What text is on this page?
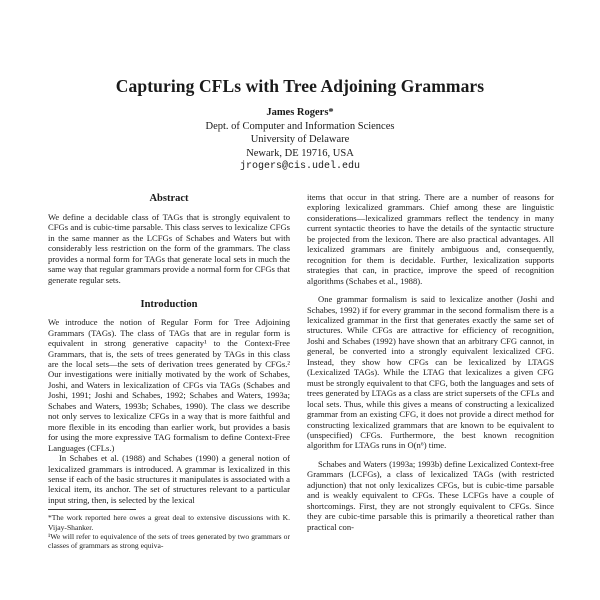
Capturing CFLs with Tree Adjoining Grammars
James Rogers*
Dept. of Computer and Information Sciences
University of Delaware
Newark, DE 19716, USA
jrogers@cis.udel.edu
Abstract

We define a decidable class of TAGs that is strongly equivalent to CFGs and is cubic-time parsable. This class serves to lexicalize CFGs in the same manner as the LCFGs of Schabes and Waters but with considerably less restriction on the form of the grammars. The class provides a normal form for TAGs that generate local sets in much the same way that regular grammars provide a normal form for CFGs that generate regular sets.

Introduction

We introduce the notion of Regular Form for Tree Adjoining Grammars (TAGs). The class of TAGs that are in regular form is equivalent in strong generative capacity¹ to the Context-Free Grammars, that is, the sets of trees generated by TAGs in this class are the local sets—the sets of derivation trees generated by CFGs.² Our investigations were initially motivated by the work of Schabes, Joshi, and Waters in lexicalization of CFGs via TAGs (Schabes and Joshi, 1991; Joshi and Schabes, 1992; Schabes and Waters, 1993a; Schabes and Waters, 1993b; Schabes, 1990). The class we describe not only serves to lexicalize CFGs in a way that is more faithful and more flexible in its encoding than earlier work, but provides a basis for using the more expressive TAG formalism to define Context-Free Languages (CFLs.)

In Schabes et al. (1988) and Schabes (1990) a general notion of lexicalized grammars is introduced. A grammar is lexicalized in this sense if each of the basic structures it manipulates is associated with a lexical item, its anchor. The set of structures relevant to a particular input string, then, is selected by the lexical

*The work reported here owes a great deal to extensive discussions with K. Vijay-Shanker.

¹We will refer to equivalence of the sets of trees generated by two grammars or classes of grammars as strong equiva-

items that occur in that string. There are a number of reasons for exploring lexicalized grammars. Chief among these are linguistic considerations—lexicalized grammars reflect the tendency in many current syntactic theories to have the details of the syntactic structure be projected from the lexicon. There are also practical advantages. All lexicalized grammars are finitely ambiguous and, consequently, recognition for them is decidable. Further, lexicalization supports strategies that can, in practice, improve the speed of recognition algorithms (Schabes et al., 1988).

One grammar formalism is said to lexicalize another (Joshi and Schabes, 1992) if for every grammar in the second formalism there is a lexicalized grammar in the first that generates exactly the same set of structures. While CFGs are attractive for efficiency of recognition, Joshi and Schabes (1992) have shown that an arbitrary CFG cannot, in general, be converted into a strongly equivalent lexicalized CFG. Instead, they show how CFGs can be lexicalized by LTAGS (Lexicalized TAGs). While the LTAG that lexicalizes a given CFG must be strongly equivalent to that CFG, both the languages and sets of trees generated by LTAGs as a class are strict supersets of the CFLs and local sets. Thus, while this gives a means of constructing a lexicalized grammar from an existing CFG, it does not provide a direct method for constructing lexicalized grammars that are known to be equivalent to (unspecified) CFGs. Furthermore, the best known recognition algorithm for LTAGs runs in O(n⁶) time.

Schabes and Waters (1993a; 1993b) define Lexicalized Context-free Grammars (LCFGs), a class of lexicalized TAGs (with restricted adjunction) that not only lexicalizes CFGs, but is cubic-time parsable and is weakly equivalent to CFGs. These LCFGs have a couple of shortcomings. First, they are not strongly equivalent to CFGs. Since they are cubic-time parsable this is primarily a theoretical rather than practical con-
